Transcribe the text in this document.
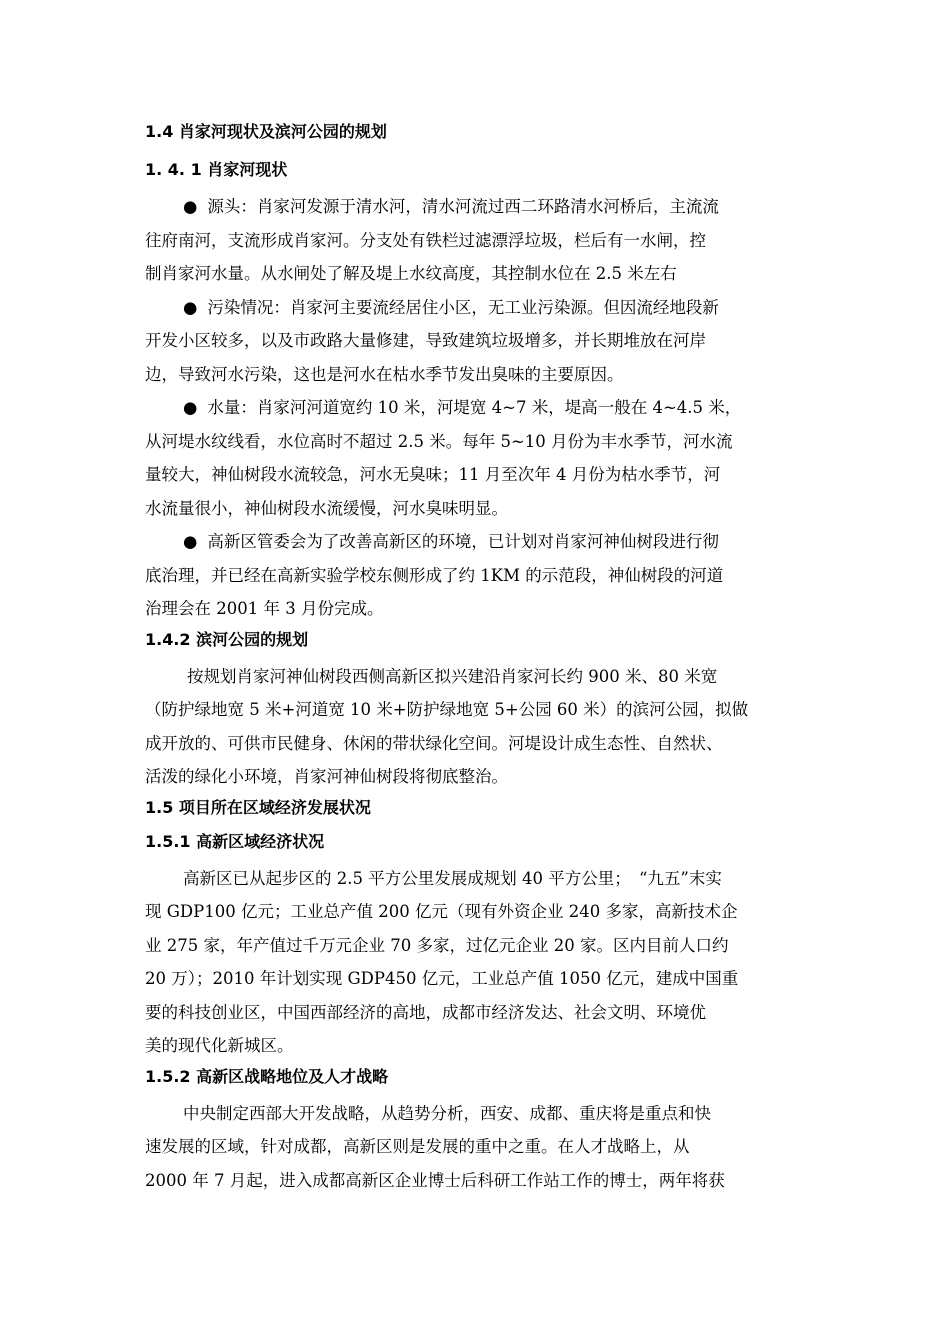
1.4 肖家河现状及滨河公园的规划
1. 4. 1 肖家河现状

● 源头：肖家河发源于清水河，清水河流过西二环路清水河桥后，主流流
往府南河，支流形成肖家河。分支处有铁栏过滤漂浮垃圾，栏后有一水闸，控
制肖家河水量。从水闸处了解及堤上水纹高度，其控制水位在 2.5 米左右

● 污染情况：肖家河主要流经居住小区，无工业污染源。但因流经地段新
开发小区较多，以及市政路大量修建，导致建筑垃圾增多，并长期堆放在河岸
边，导致河水污染，这也是河水在枯水季节发出臭味的主要原因。

● 水量：肖家河河道宽约 10 米，河堤宽 4~7 米，堤高一般在 4~4.5 米，
从河堤水纹线看，水位高时不超过 2.5 米。每年 5~10 月份为丰水季节，河水流
量较大，神仙树段水流较急，河水无臭味；11 月至次年 4 月份为枯水季节，河
水流量很小，神仙树段水流缓慢，河水臭味明显。

● 高新区管委会为了改善高新区的环境，已计划对肖家河神仙树段进行彻
底治理，并已经在高新实验学校东侧形成了约 1KM 的示范段，神仙树段的河道
治理会在 2001 年 3 月份完成。

1.4.2 滨河公园的规划

按规划肖家河神仙树段西侧高新区拟兴建沿肖家河长约 900 米、80 米宽
（防护绿地宽 5 米+河道宽 10 米+防护绿地宽 5+公园 60 米）的滨河公园，拟做
成开放的、可供市民健身、休闲的带状绿化空间。河堤设计成生态性、自然状、
活泼的绿化小环境，肖家河神仙树段将彻底整治。

1.5 项目所在区域经济发展状况
1.5.1 高新区域经济状况

高新区已从起步区的 2.5 平方公里发展成规划 40 平方公里；　“九五”末实
现 GDP100 亿元；工业总产值 200 亿元（现有外资企业 240 多家，高新技术企
业 275 家，年产值过千万元企业 70 多家，过亿元企业 20 家。区内目前人口约
20 万）；2010 年计划实现 GDP450 亿元，工业总产值 1050 亿元，建成中国重
要的科技创业区，中国西部经济的高地，成都市经济发达、社会文明、环境优
美的现代化新城区。

1.5.2 高新区战略地位及人才战略

中央制定西部大开发战略，从趋势分析，西安、成都、重庆将是重点和快
速发展的区域，针对成都，高新区则是发展的重中之重。在人才战略上，从
2000 年 7 月起，进入成都高新区企业博士后科研工作站工作的博士，两年将获
